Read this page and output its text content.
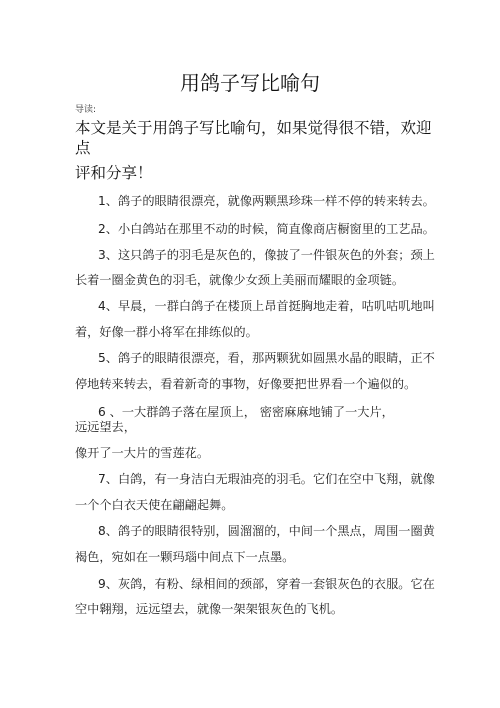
用鸽子写比喻句
导读:
本文是关于用鸽子写比喻句，如果觉得很不错，欢迎
点
评和分享！
1、鸽子的眼睛很漂亮，就像两颗黑珍珠一样不停的转来转去。
2、小白鸽站在那里不动的时候，简直像商店橱窗里的工艺品。
3、这只鸽子的羽毛是灰色的，像披了一件银灰色的外套；颈上
长着一圈金黄色的羽毛，就像少女颈上美丽而耀眼的金项链。
4、早晨，一群白鸽子在楼顶上昂首挺胸地走着，咕叽咕叽地叫
着，好像一群小将军在排练似的。
5、鸽子的眼睛很漂亮，看，那两颗犹如圆黑水晶的眼睛，正不
停地转来转去，看着新奇的事物，好像要把世界看一个遍似的。
6 、一大群鸽子落在屋顶上， 密密麻麻地铺了一大片，
远远望去，
像开了一大片的雪莲花。
7、白鸽，有一身洁白无瑕油亮的羽毛。它们在空中飞翔，就像
一个个白衣天使在翩翩起舞。
8、鸽子的眼睛很特别，圆溜溜的，中间一个黑点，周围一圈黄
褐色，宛如在一颗玛瑙中间点下一点墨。
9、灰鸽，有粉、绿相间的颈部，穿着一套银灰色的衣服。它在
空中翱翔，远远望去，就像一架架银灰色的飞机。
